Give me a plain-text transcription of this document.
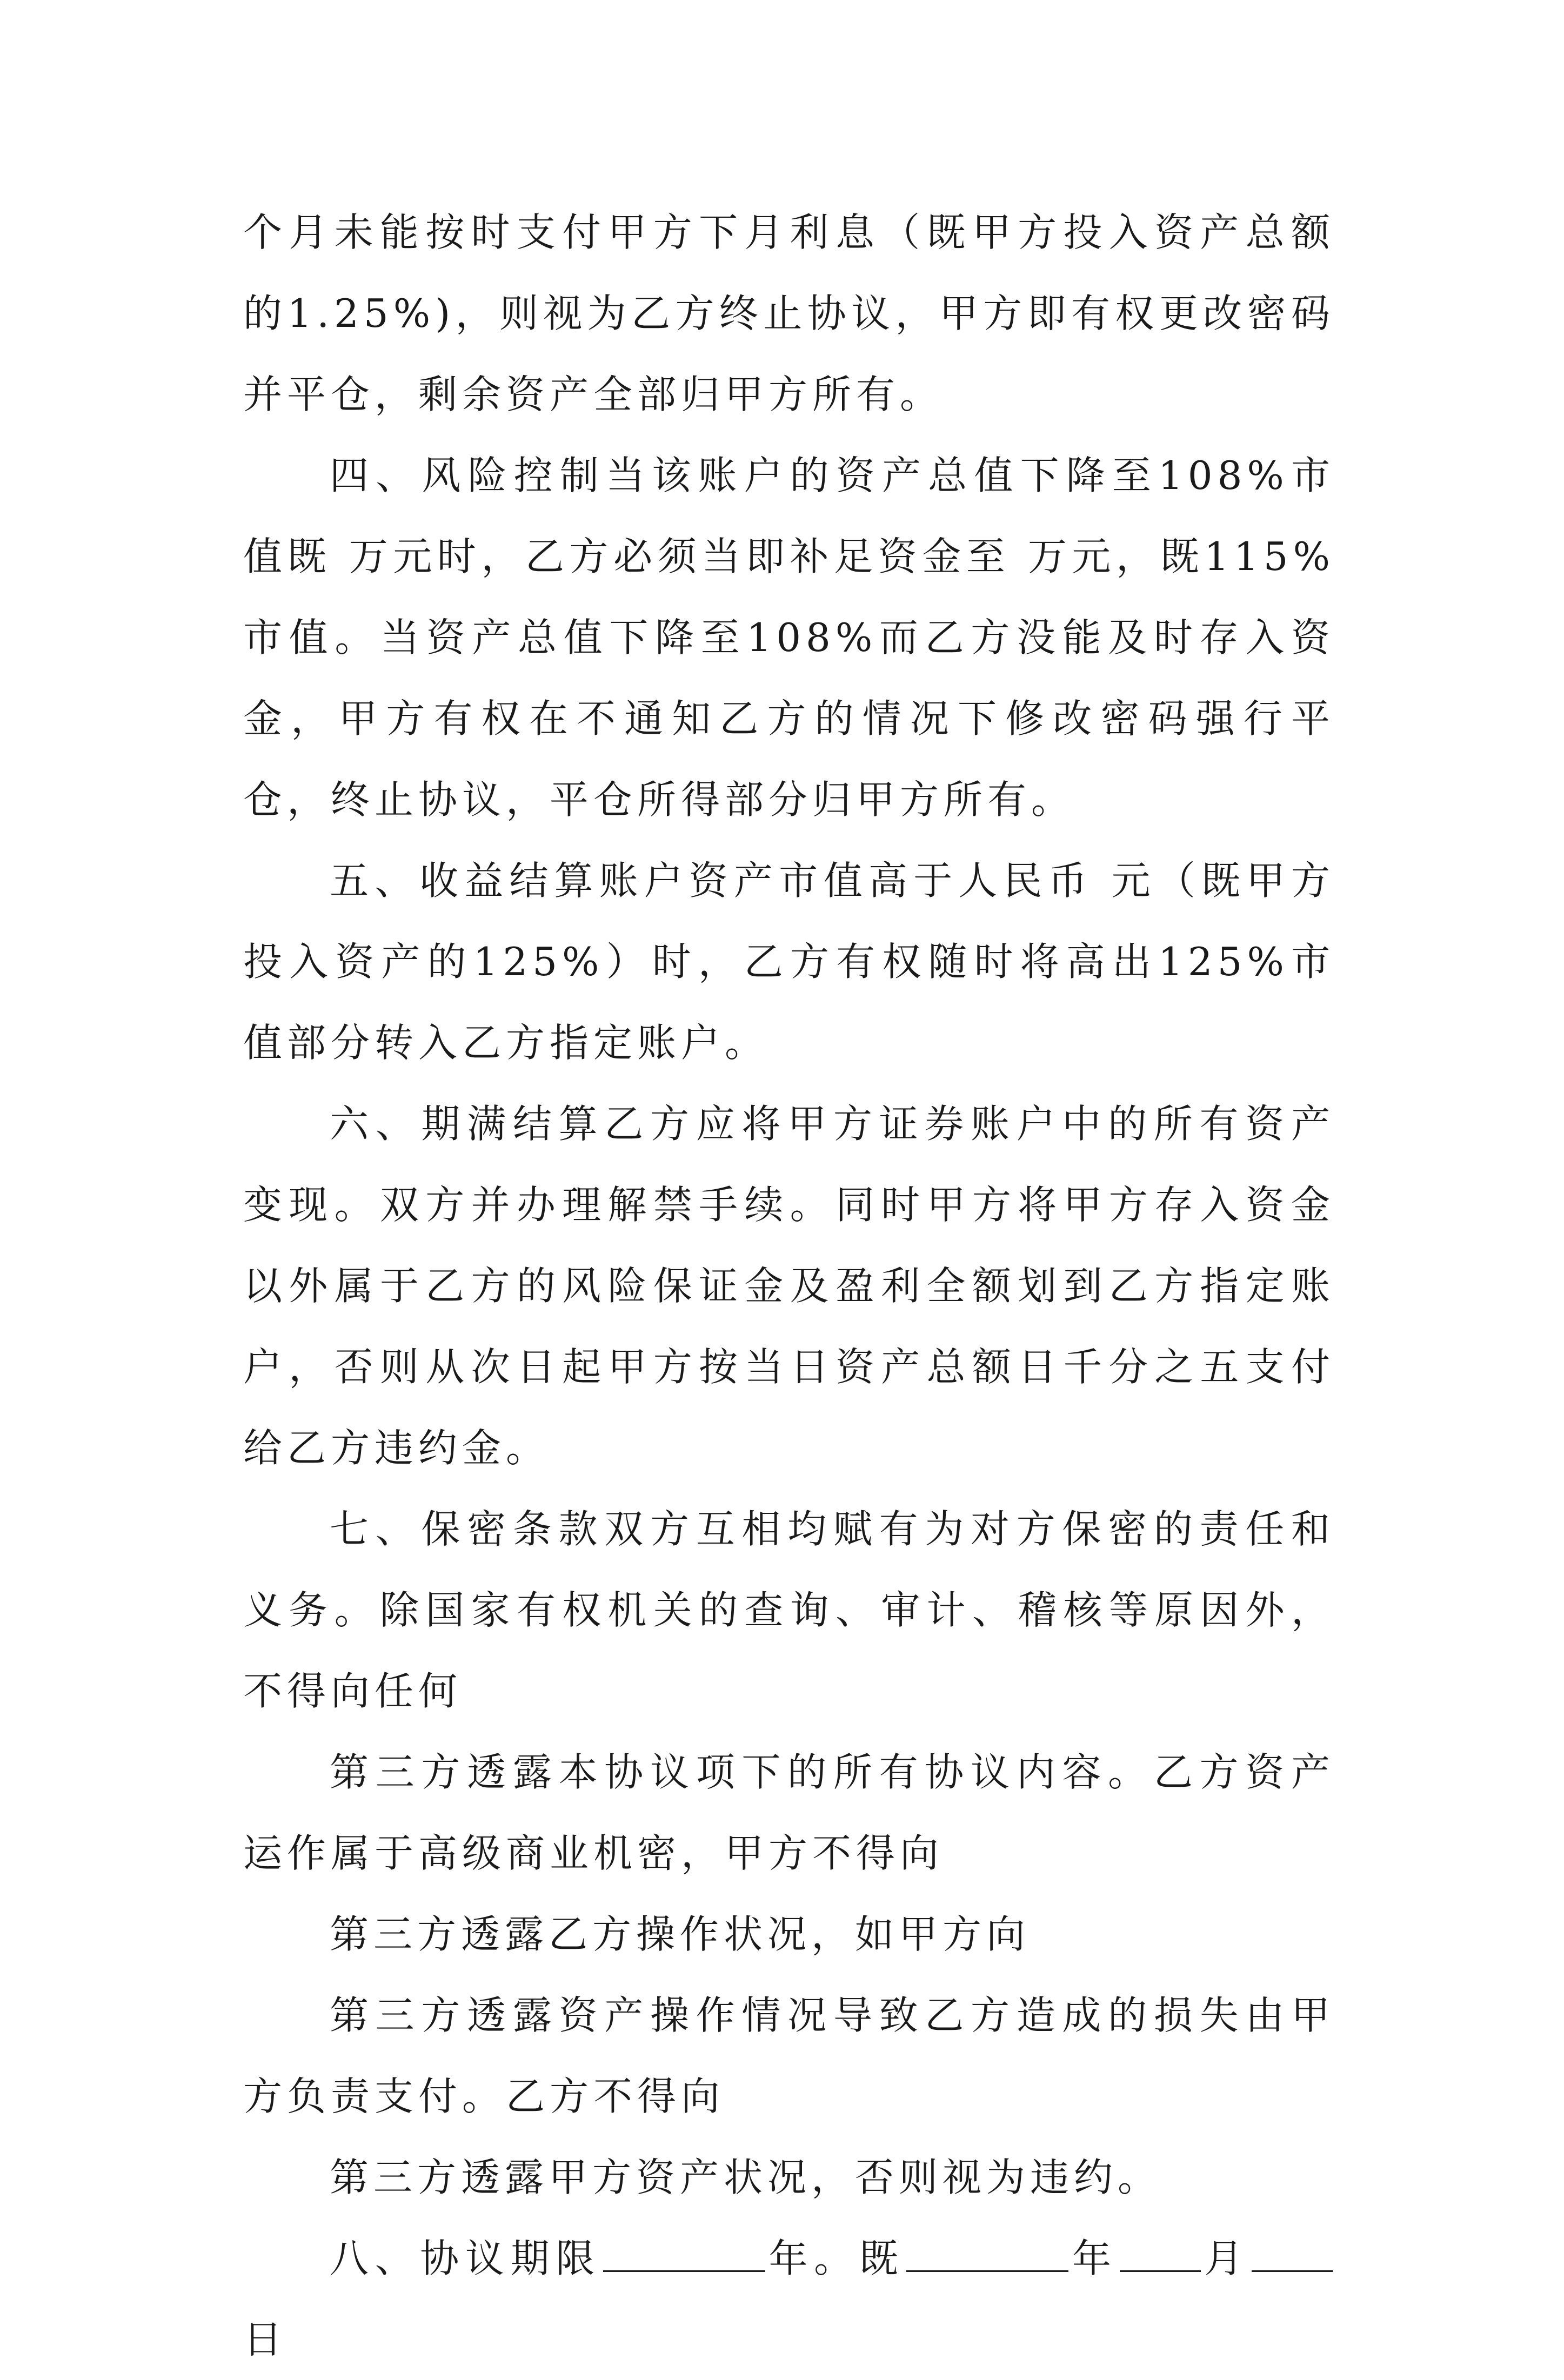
个月未能按时支付甲方下月利息（既甲方投入资产总额的1.25%)，则视为乙方终止协议，甲方即有权更改密码并平仓，剩余资产全部归甲方所有。

四、风险控制当该账户的资产总值下降至108%市值既 万元时，乙方必须当即补足资金至 万元，既115%市值。当资产总值下降至108%而乙方没能及时存入资金，甲方有权在不通知乙方的情况下修改密码强行平仓，终止协议，平仓所得部分归甲方所有。

五、收益结算账户资产市值高于人民币 元（既甲方投入资产的125%）时，乙方有权随时将高出125%市值部分转入乙方指定账户。

六、期满结算乙方应将甲方证券账户中的所有资产变现。双方并办理解禁手续。同时甲方将甲方存入资金以外属于乙方的风险保证金及盈利全额划到乙方指定账户，否则从次日起甲方按当日资产总额日千分之五支付给乙方违约金。

七、保密条款双方互相均赋有为对方保密的责任和义务。除国家有权机关的查询、审计、稽核等原因外，不得向任何

第三方透露本协议项下的所有协议内容。乙方资产运作属于高级商业机密，甲方不得向

第三方透露乙方操作状况，如甲方向

第三方透露资产操作情况导致乙方造成的损失由甲方负责支付。乙方不得向

第三方透露甲方资产状况，否则视为违约。

八、协议期限	年。既	年 月日
